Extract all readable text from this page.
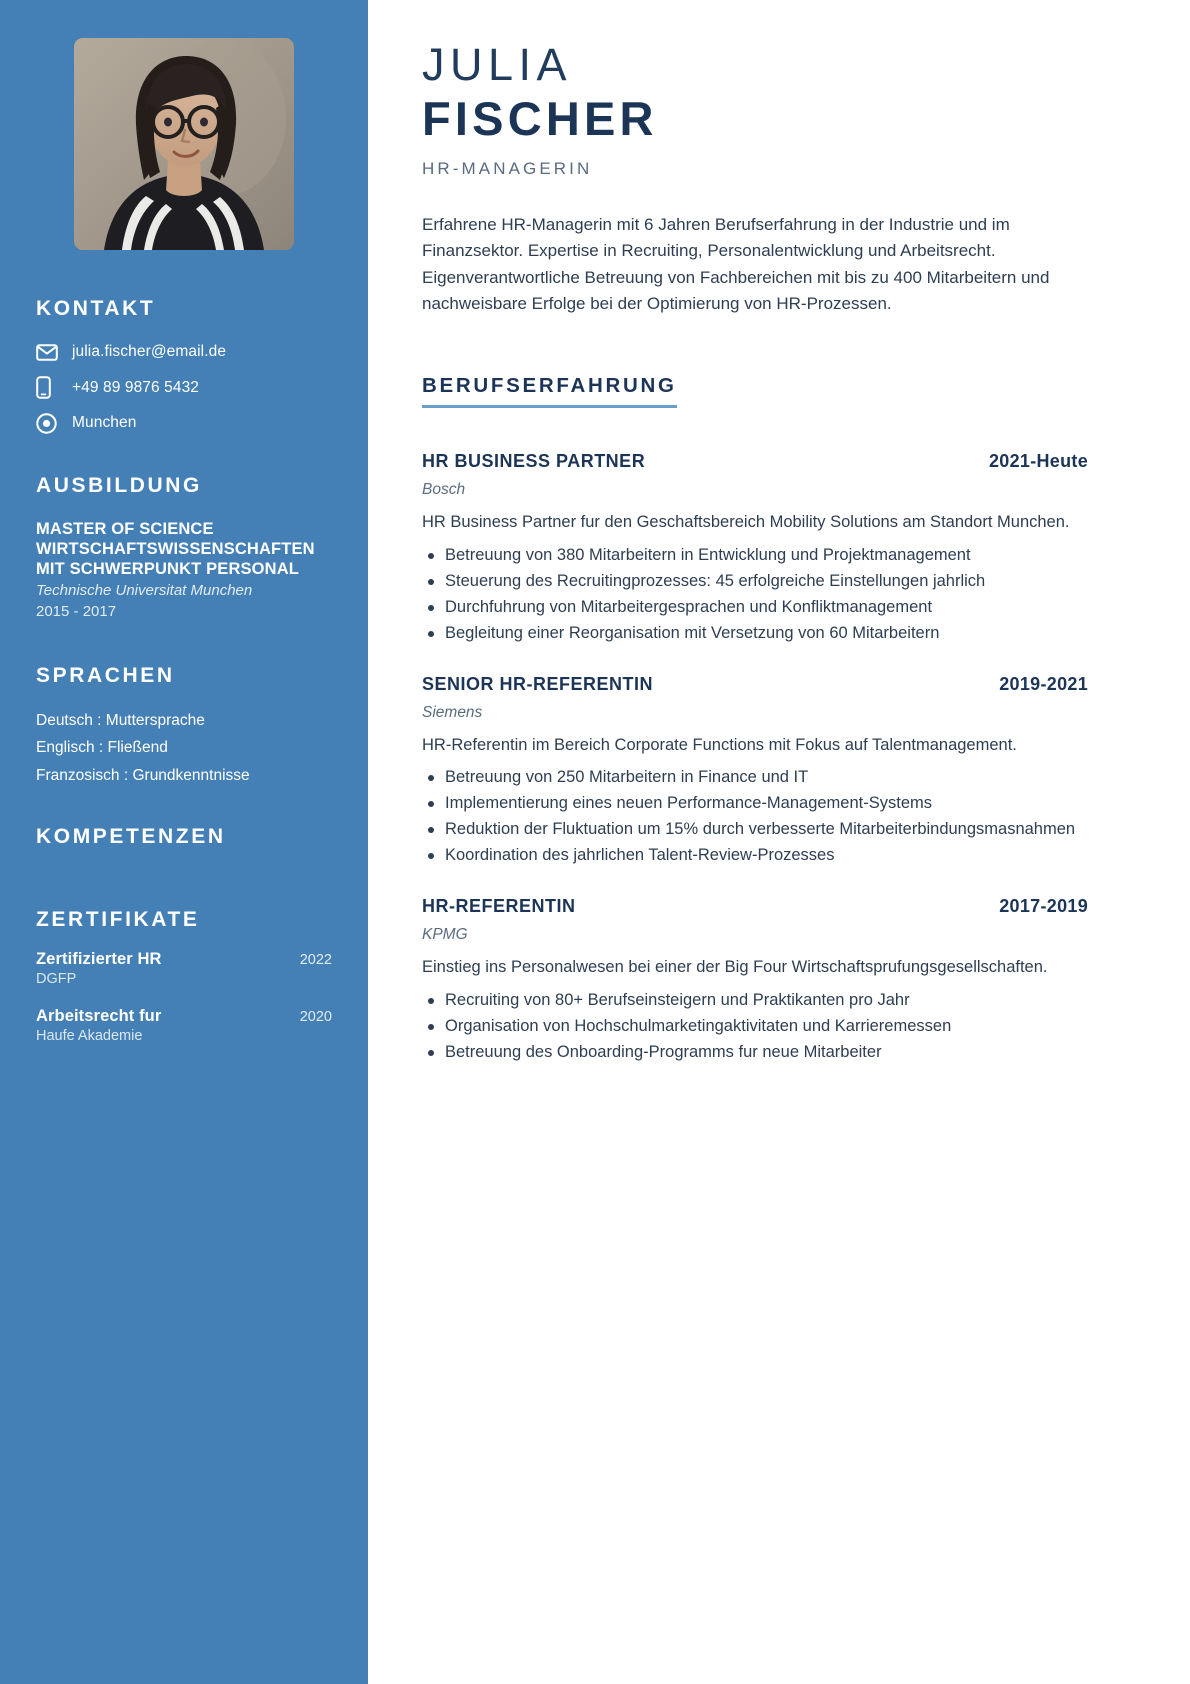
KONTAKT
julia.fischer@email.de
+49 89 9876 5432
Munchen
AUSBILDUNG
MASTER OF SCIENCE WIRTSCHAFTSWISSENSCHAFTEN MIT SCHWERPUNKT PERSONAL
Technische Universitat Munchen
2015 - 2017
SPRACHEN
Deutsch : Muttersprache
Englisch : Fließend
Franzosisch : Grundkenntnisse
KOMPETENZEN
ZERTIFIKATE
Zertifizierter HR	2022
DGFP
Arbeitsrecht fur	2020
Haufe Akademie
JULIA
FISCHER
HR-MANAGERIN

Erfahrene HR-Managerin mit 6 Jahren Berufserfahrung in der Industrie und im Finanzsektor. Expertise in Recruiting, Personalentwicklung und Arbeitsrecht. Eigenverantwortliche Betreuung von Fachbereichen mit bis zu 400 Mitarbeitern und nachweisbare Erfolge bei der Optimierung von HR-Prozessen.

BERUFSERFAHRUNG
HR BUSINESS PARTNER	2021-Heute
Bosch
HR Business Partner fur den Geschaftsbereich Mobility Solutions am Standort Munchen.
Betreuung von 380 Mitarbeitern in Entwicklung und Projektmanagement
Steuerung des Recruitingprozesses: 45 erfolgreiche Einstellungen jahrlich
Durchfuhrung von Mitarbeitergesprachen und Konfliktmanagement
Begleitung einer Reorganisation mit Versetzung von 60 Mitarbeitern
SENIOR HR-REFERENTIN	2019-2021
Siemens
HR-Referentin im Bereich Corporate Functions mit Fokus auf Talentmanagement.
Betreuung von 250 Mitarbeitern in Finance und IT
Implementierung eines neuen Performance-Management-Systems
Reduktion der Fluktuation um 15% durch verbesserte Mitarbeiterbindungsmasnahmen
Koordination des jahrlichen Talent-Review-Prozesses
HR-REFERENTIN	2017-2019
KPMG
Einstieg ins Personalwesen bei einer der Big Four Wirtschaftsprufungsgesellschaften.
Recruiting von 80+ Berufseinsteigern und Praktikanten pro Jahr
Organisation von Hochschulmarketingaktivitaten und Karrieremessen
Betreuung des Onboarding-Programms fur neue Mitarbeiter
